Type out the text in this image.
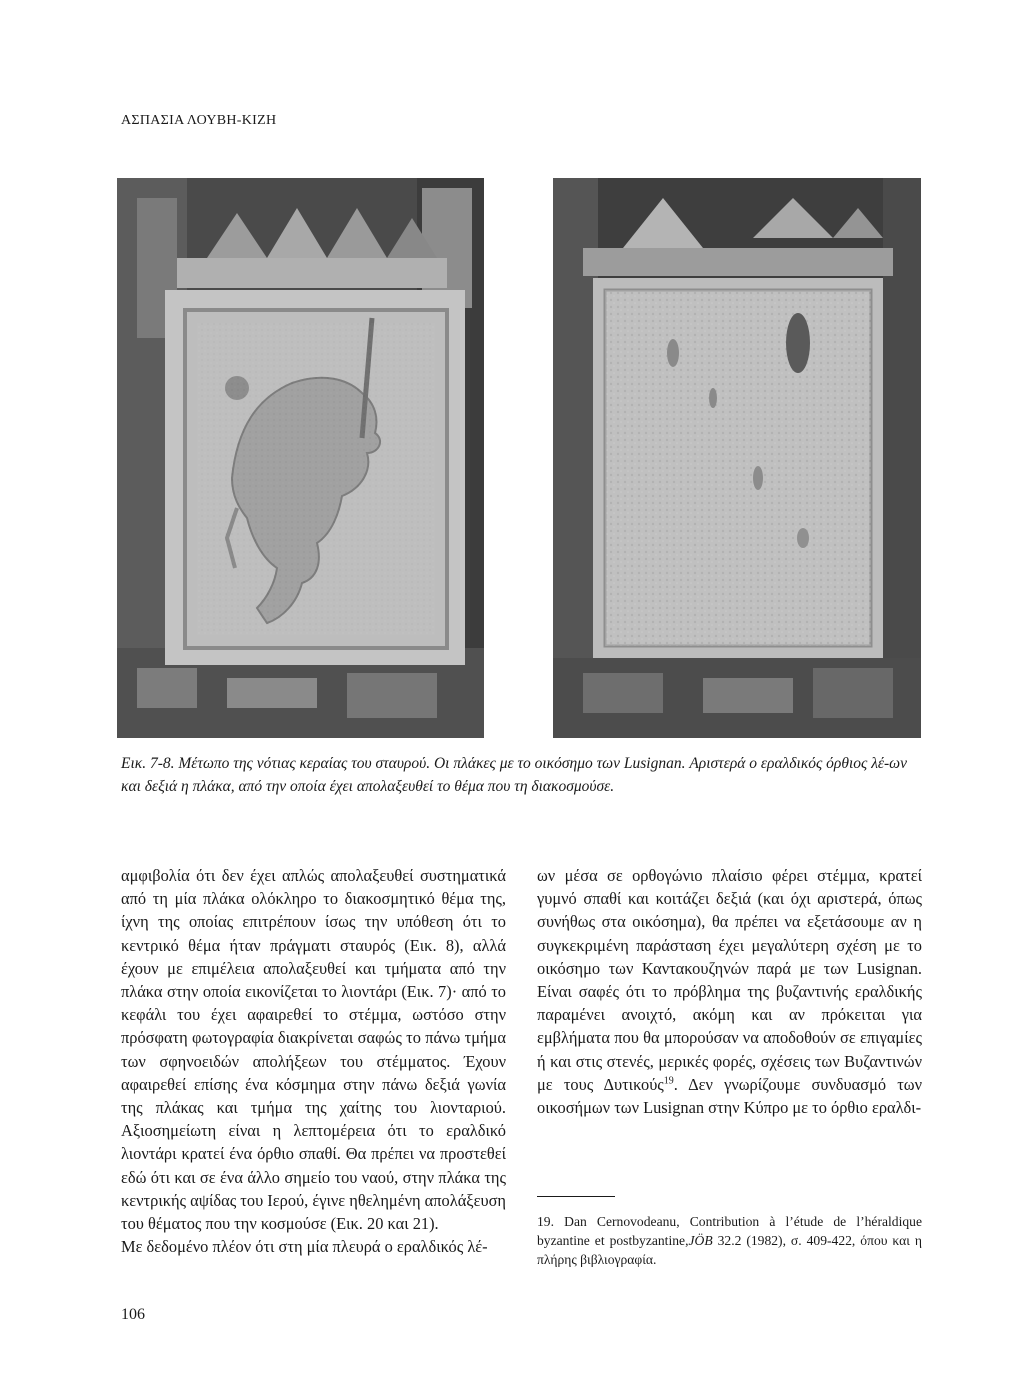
ΑΣΠΑΣΙΑ ΛΟΥΒΗ-ΚΙΖΗ
Εικ. 7-8. Μέτωπο της νότιας κεραίας του σταυρού. Οι πλάκες με το οικόσημο των Lusignan. Αριστερά ο εραλδικός όρθιος λέ-ων και δεξιά η πλάκα, από την οποία έχει απολαξευθεί το θέμα που τη διακοσμούσε.

αμφιβολία ότι δεν έχει απλώς απολαξευθεί συστηματικά από τη μία πλάκα ολόκληρο το διακοσμητικό θέμα της, ίχνη της οποίας επιτρέπουν ίσως την υπόθεση ότι το κεντρικό θέμα ήταν πράγματι σταυρός (Εικ. 8), αλλά έχουν με επιμέλεια απολαξευθεί και τμήματα από την πλάκα στην οποία εικονίζεται το λιοντάρι (Εικ. 7)· από το κεφάλι του έχει αφαιρεθεί το στέμμα, ωστόσο στην πρόσφατη φωτογραφία διακρίνεται σαφώς το πάνω τμήμα των σφηνοειδών απολήξεων του στέμματος. Έχουν αφαιρεθεί επίσης ένα κόσμημα στην πάνω δεξιά γωνία της πλάκας και τμήμα της χαίτης του λιονταριού. Αξιοσημείωτη είναι η λεπτομέρεια ότι το εραλδικό λιοντάρι κρατεί ένα όρθιο σπαθί. Θα πρέπει να προστεθεί εδώ ότι και σε ένα άλλο σημείο του ναού, στην πλάκα της κεντρικής αψίδας του Ιερού, έγινε ηθελημένη απολάξευση του θέματος που την κοσμούσε (Εικ. 20 και 21).

Με δεδομένο πλέον ότι στη μία πλευρά ο εραλδικός λέ-

ων μέσα σε ορθογώνιο πλαίσιο φέρει στέμμα, κρατεί γυμνό σπαθί και κοιτάζει δεξιά (και όχι αριστερά, όπως συνήθως στα οικόσημα), θα πρέπει να εξετάσουμε αν η συγκεκριμένη παράσταση έχει μεγαλύτερη σχέση με το οικόσημο των Καντακουζηνών παρά με των Lusignan. Είναι σαφές ότι το πρόβλημα της βυζαντινής εραλδικής παραμένει ανοιχτό, ακόμη και αν πρόκειται για εμβλήματα που θα μπορούσαν να αποδοθούν σε επιγαμίες ή και στις στενές, μερικές φορές, σχέσεις των Βυζαντινών με τους Δυτικούς$^{19}$. Δεν γνωρίζουμε συνδυασμό των οικοσήμων των Lusignan στην Κύπρο με το όρθιο εραλδι-

19. Dan Cernovodeanu, Contribution à l’étude de l’héraldique byzantine et postbyzantine,JÖB 32.2 (1982), σ. 409-422, όπου και η πλήρης βιβλιογραφία.
106
